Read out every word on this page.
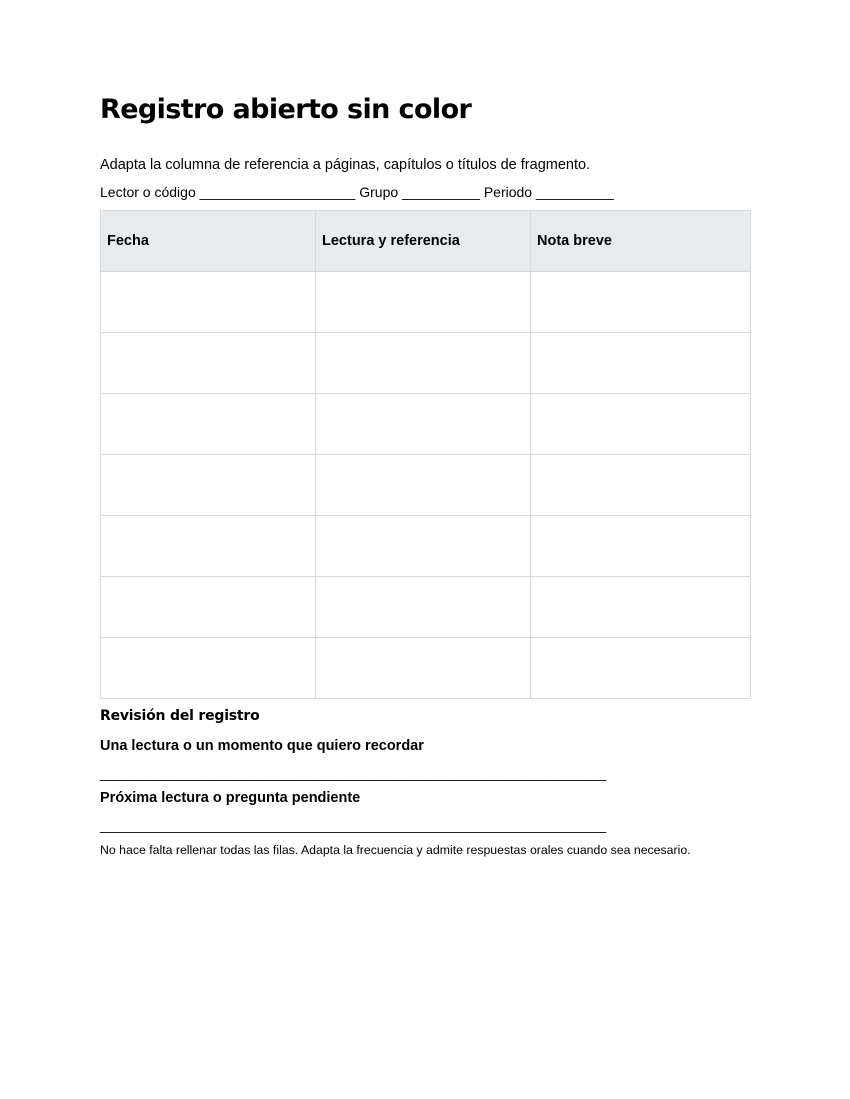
Registro abierto sin color
Adapta la columna de referencia a páginas, capítulos o títulos de fragmento.
Lector o código ____________________ Grupo __________ Periodo __________
Fecha	Lectura y referencia	Nota breve

Revisión del registro
Una lectura o un momento que quiero recordar
_________________________________________________________________
Próxima lectura o pregunta pendiente
_________________________________________________________________
No hace falta rellenar todas las filas. Adapta la frecuencia y admite respuestas orales cuando sea necesario.
